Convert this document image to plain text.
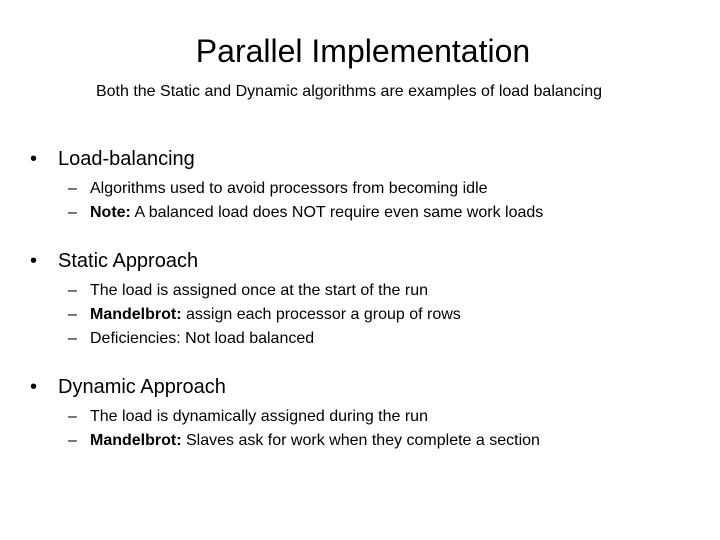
Parallel Implementation

Both the Static and Dynamic algorithms are examples of load balancing

•	Load-balancing
– Algorithms used to avoid processors from becoming idle
– Note: A balanced load does NOT require even same work loads
•	Static Approach
– The load is assigned once at the start of the run
– Mandelbrot: assign each processor a group of rows
– Deficiencies: Not load balanced
•	Dynamic Approach
– The load is dynamically assigned during the run
– Mandelbrot: Slaves ask for work when they complete a section
